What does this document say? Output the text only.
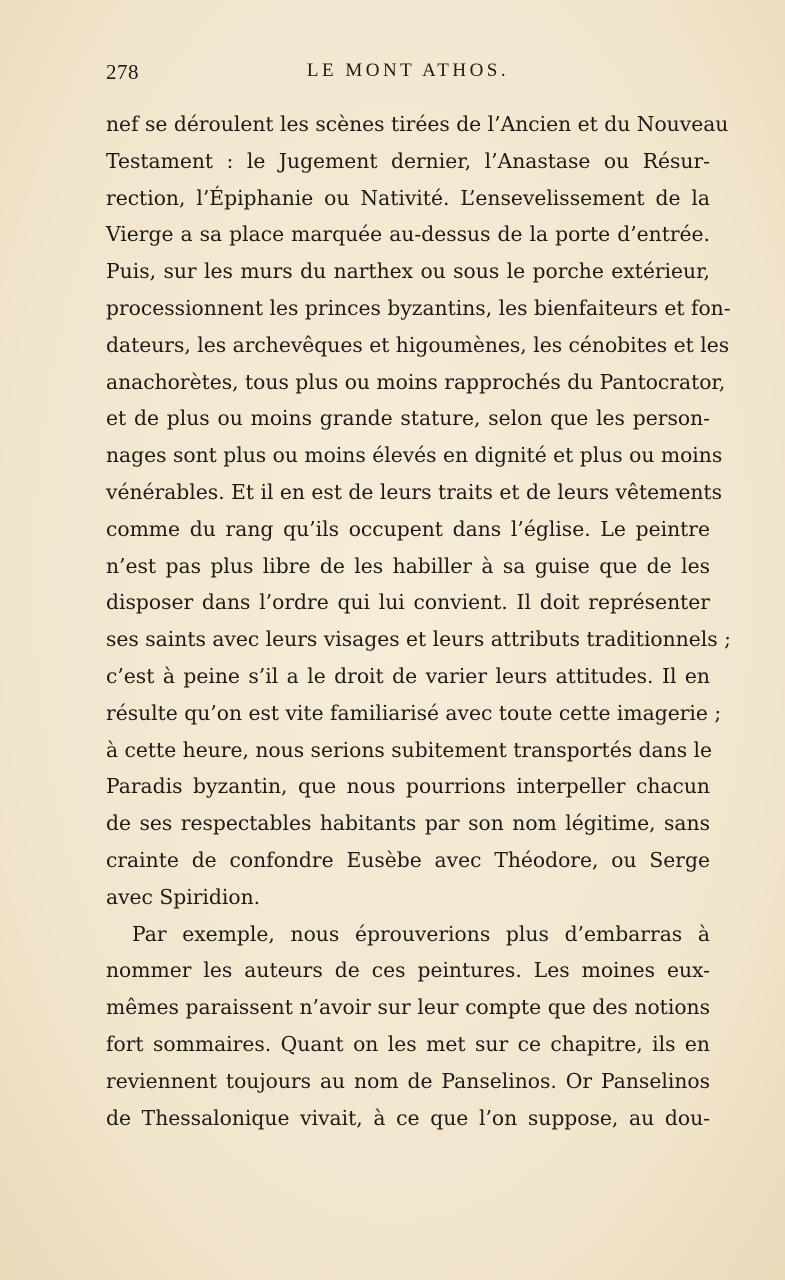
278	LE MONT ATHOS.
nef se déroulent les scènes tirées de l’Ancien et du Nouveau
Testament : le Jugement dernier, l’Anastase ou Résur-
rection, l’Épiphanie ou Nativité. L’ensevelissement de la
Vierge a sa place marquée au-dessus de la porte d’entrée.
Puis, sur les murs du narthex ou sous le porche extérieur,
processionnent les princes byzantins, les bienfaiteurs et fon-
dateurs, les archevêques et higoumènes, les cénobites et les
anachorètes, tous plus ou moins rapprochés du Pantocrator,
et de plus ou moins grande stature, selon que les person-
nages sont plus ou moins élevés en dignité et plus ou moins
vénérables. Et il en est de leurs traits et de leurs vêtements
comme du rang qu’ils occupent dans l’église. Le peintre
n’est pas plus libre de les habiller à sa guise que de les
disposer dans l’ordre qui lui convient. Il doit représenter
ses saints avec leurs visages et leurs attributs traditionnels ;
c’est à peine s’il a le droit de varier leurs attitudes. Il en
résulte qu’on est vite familiarisé avec toute cette imagerie ;
à cette heure, nous serions subitement transportés dans le
Paradis byzantin, que nous pourrions interpeller chacun
de ses respectables habitants par son nom légitime, sans
crainte de confondre Eusèbe avec Théodore, ou Serge
avec Spiridion.
Par exemple, nous éprouverions plus d’embarras à
nommer les auteurs de ces peintures. Les moines eux-
mêmes paraissent n’avoir sur leur compte que des notions
fort sommaires. Quant on les met sur ce chapitre, ils en
reviennent toujours au nom de Panselinos. Or Panselinos
de Thessalonique vivait, à ce que l’on suppose, au dou-
